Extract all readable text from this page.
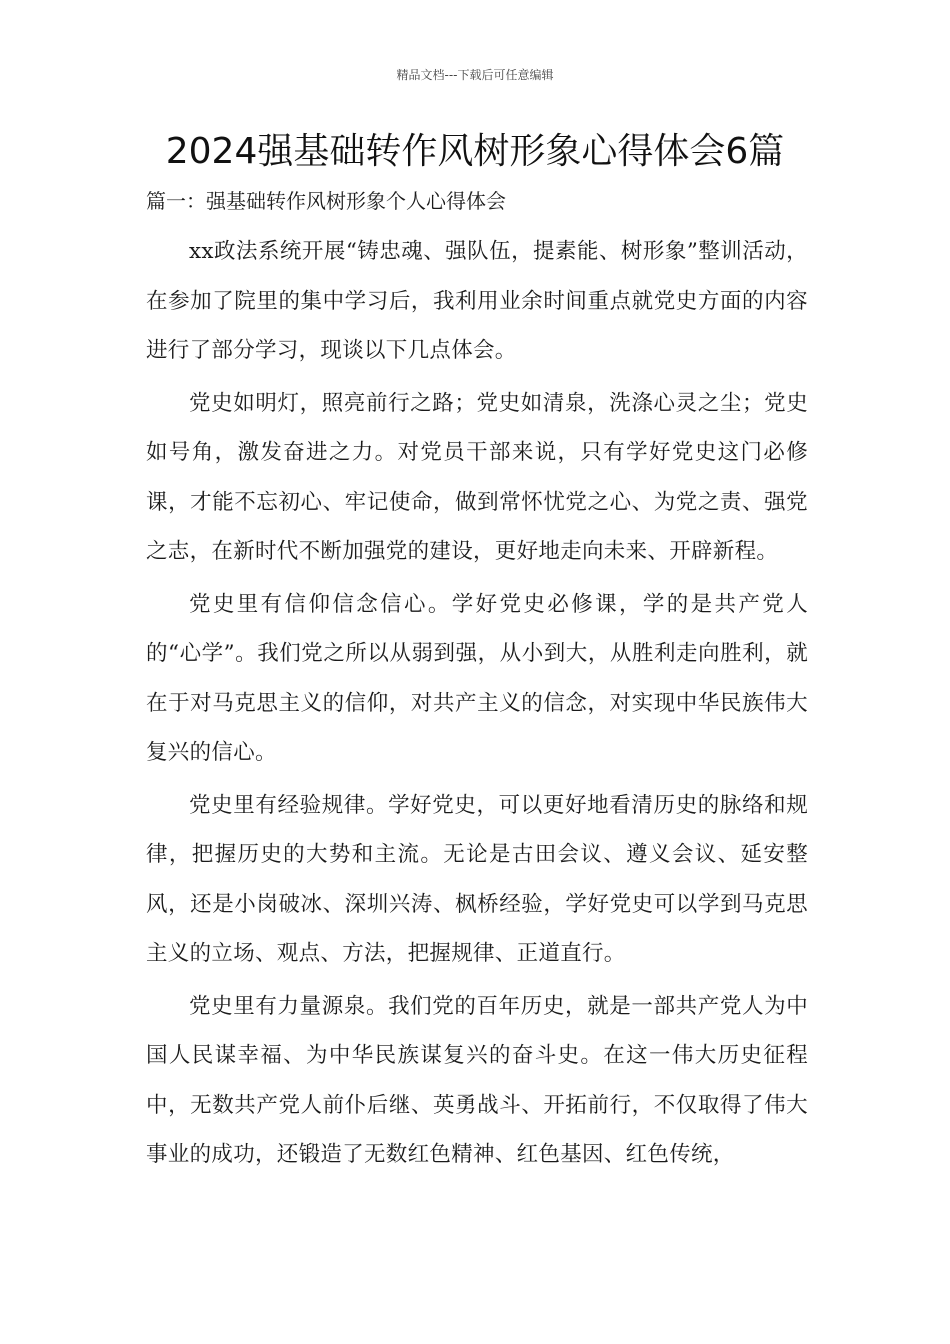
精品文档---下载后可任意编辑
2024强基础转作风树形象心得体会6篇
篇一：强基础转作风树形象个人心得体会

xx政法系统开展“铸忠魂、强队伍，提素能、树形象”整训活动，在参加了院里的集中学习后，我利用业余时间重点就党史方面的内容进行了部分学习，现谈以下几点体会。

党史如明灯，照亮前行之路；党史如清泉，洗涤心灵之尘；党史如号角，激发奋进之力。对党员干部来说，只有学好党史这门必修课，才能不忘初心、牢记使命，做到常怀忧党之心、为党之责、强党之志，在新时代不断加强党的建设，更好地走向未来、开辟新程。

党史里有信仰信念信心。学好党史必修课，学的是共产党人的“心学”。我们党之所以从弱到强，从小到大，从胜利走向胜利，就在于对马克思主义的信仰，对共产主义的信念，对实现中华民族伟大复兴的信心。

党史里有经验规律。学好党史，可以更好地看清历史的脉络和规律，把握历史的大势和主流。无论是古田会议、遵义会议、延安整风，还是小岗破冰、深圳兴涛、枫桥经验，学好党史可以学到马克思主义的立场、观点、方法，把握规律、正道直行。

党史里有力量源泉。我们党的百年历史，就是一部共产党人为中国人民谋幸福、为中华民族谋复兴的奋斗史。在这一伟大历史征程中，无数共产党人前仆后继、英勇战斗、开拓前行，不仅取得了伟大事业的成功，还锻造了无数红色精神、红色基因、红色传统，
